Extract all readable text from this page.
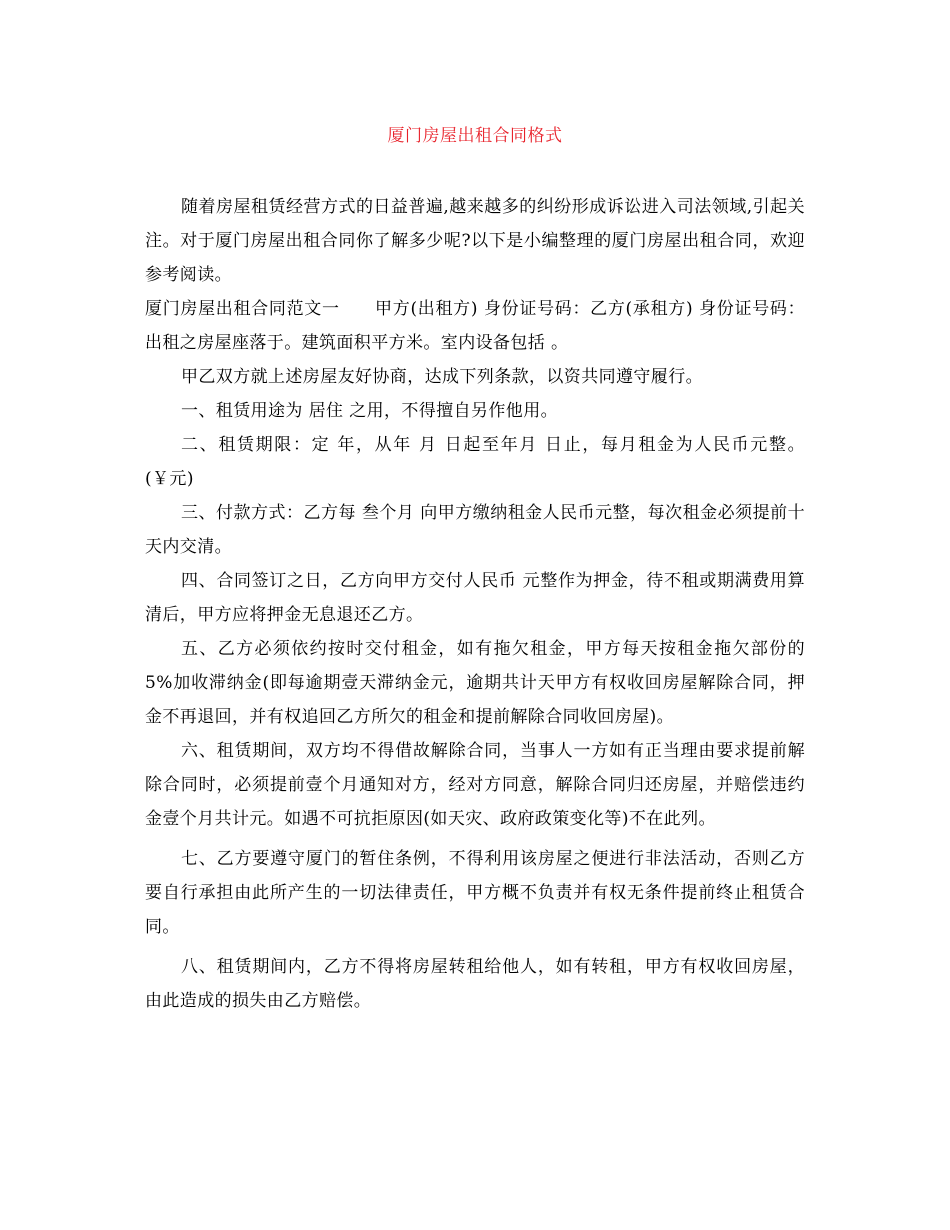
厦门房屋出租合同格式

随着房屋租赁经营方式的日益普遍,越来越多的纠纷形成诉讼进入司法领域,引起关注。对于厦门房屋出租合同你了解多少呢?以下是小编整理的厦门房屋出租合同，欢迎参考阅读。

厦门房屋出租合同范文一　　甲方(出租方) 身份证号码：乙方(承租方) 身份证号码：出租之房屋座落于。建筑面积平方米。室内设备包括 。

甲乙双方就上述房屋友好协商，达成下列条款，以资共同遵守履行。

一、租赁用途为 居住 之用，不得擅自另作他用。

二、租赁期限：定 年，从年 月 日起至年月 日止，每月租金为人民币元整。(￥元)

三、付款方式：乙方每 叁个月 向甲方缴纳租金人民币元整，每次租金必须提前十天内交清。

四、合同签订之日，乙方向甲方交付人民币 元整作为押金，待不租或期满费用算清后，甲方应将押金无息退还乙方。

五、乙方必须依约按时交付租金，如有拖欠租金，甲方每天按租金拖欠部份的 5%加收滞纳金(即每逾期壹天滞纳金元，逾期共计天甲方有权收回房屋解除合同，押金不再退回，并有权追回乙方所欠的租金和提前解除合同收回房屋)。

六、租赁期间，双方均不得借故解除合同，当事人一方如有正当理由要求提前解除合同时，必须提前壹个月通知对方，经对方同意，解除合同归还房屋，并赔偿违约金壹个月共计元。如遇不可抗拒原因(如天灾、政府政策变化等)不在此列。

七、乙方要遵守厦门的暂住条例，不得利用该房屋之便进行非法活动，否则乙方要自行承担由此所产生的一切法律责任，甲方概不负责并有权无条件提前终止租赁合同。

八、租赁期间内，乙方不得将房屋转租给他人，如有转租，甲方有权收回房屋，由此造成的损失由乙方赔偿。
